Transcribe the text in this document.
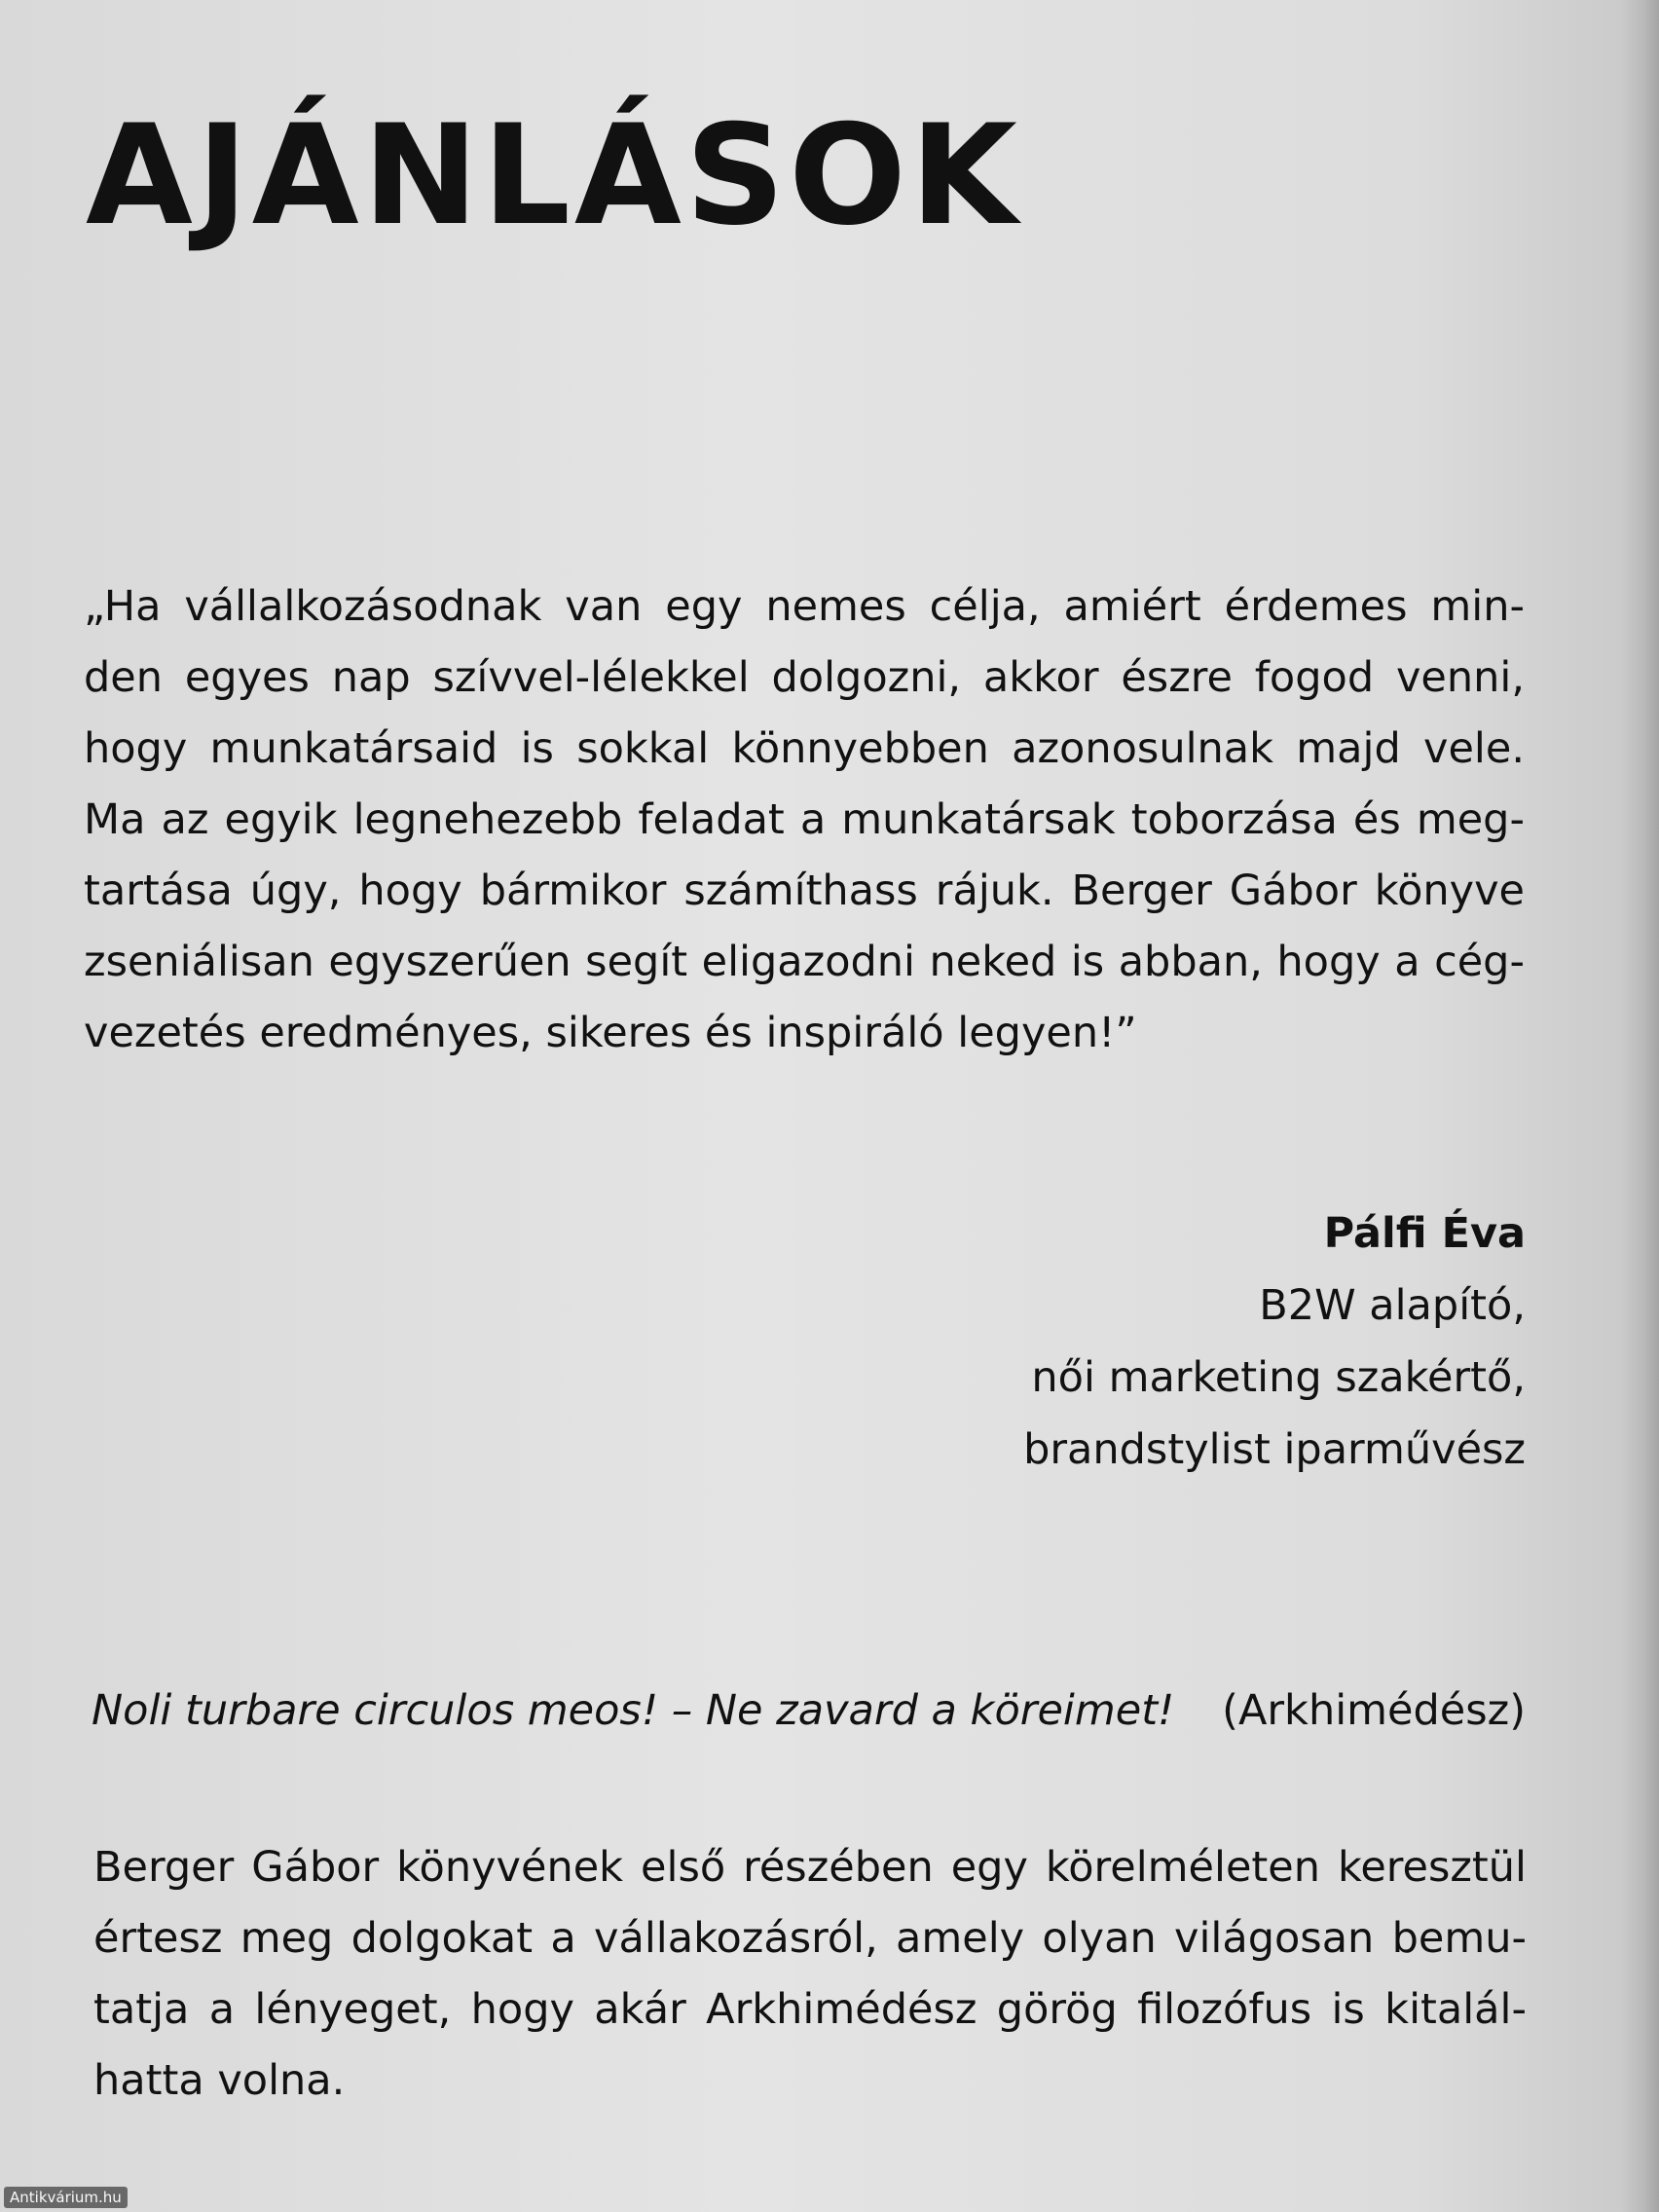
AJÁNLÁSOK
„Ha vállalkozásodnak van egy nemes célja, amiért érdemes min-
den egyes nap szívvel-lélekkel dolgozni, akkor észre fogod venni,
hogy munkatársaid is sokkal könnyebben azonosulnak majd vele.
Ma az egyik legnehezebb feladat a munkatársak toborzása és meg-
tartása úgy, hogy bármikor számíthass rájuk. Berger Gábor könyve
zseniálisan egyszerűen segít eligazodni neked is abban, hogy a cég-
vezetés eredményes, sikeres és inspiráló legyen!”
Pálfi Éva
B2W alapító,
női marketing szakértő,
brandstylist iparművész
Noli turbare circulos meos! – Ne zavard a köreimet! (Arkhimédész)
Berger Gábor könyvének első részében egy körelméleten keresztül
értesz meg dolgokat a vállakozásról, amely olyan világosan bemu-
tatja a lényeget, hogy akár Arkhimédész görög filozófus is kitalál-
hatta volna.
Antikvárium.hu
